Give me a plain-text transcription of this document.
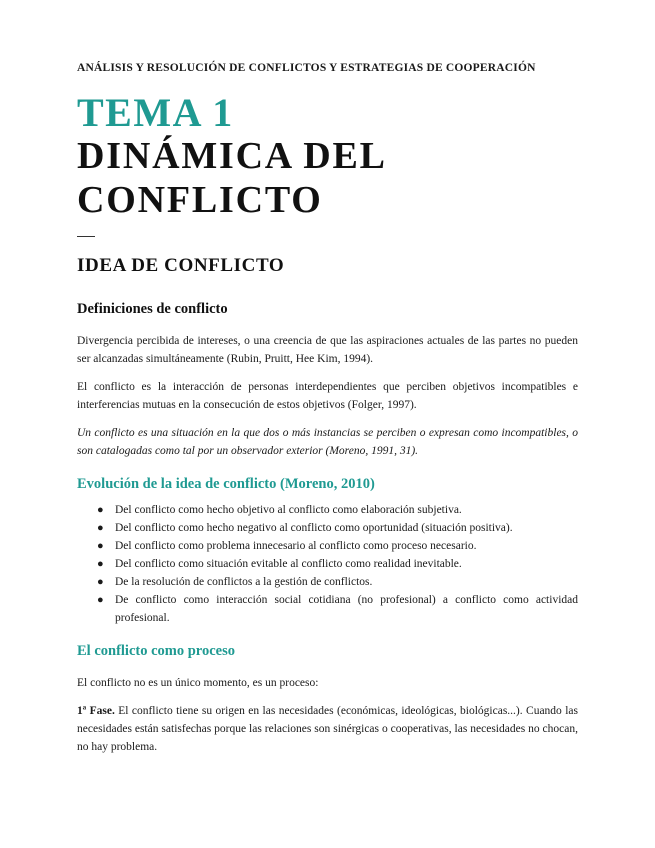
ANÁLISIS Y RESOLUCIÓN DE CONFLICTOS Y ESTRATEGIAS DE COOPERACIÓN
TEMA 1
DINÁMICA DEL
CONFLICTO
IDEA DE CONFLICTO
Definiciones de conflicto

Divergencia percibida de intereses, o una creencia de que las aspiraciones actuales de las partes no pueden ser alcanzadas simultáneamente (Rubin, Pruitt, Hee Kim, 1994).

El conflicto es la interacción de personas interdependientes que perciben objetivos incompatibles e interferencias mutuas en la consecución de estos objetivos (Folger, 1997).

Un conflicto es una situación en la que dos o más instancias se perciben o expresan como incompatibles, o son catalogadas como tal por un observador exterior (Moreno, 1991, 31).

Evolución de la idea de conflicto (Moreno, 2010)
● Del conflicto como hecho objetivo al conflicto como elaboración subjetiva.
● Del conflicto como hecho negativo al conflicto como oportunidad (situación positiva).
● Del conflicto como problema innecesario al conflicto como proceso necesario.
● Del conflicto como situación evitable al conflicto como realidad inevitable.
● De la resolución de conflictos a la gestión de conflictos.
● De conflicto como interacción social cotidiana (no profesional) a conflicto como actividad profesional.
El conflicto como proceso

El conflicto no es un único momento, es un proceso:

1ª Fase. El conflicto tiene su origen en las necesidades (económicas, ideológicas, biológicas...). Cuando las necesidades están satisfechas porque las relaciones son sinérgicas o cooperativas, las necesidades no chocan, no hay problema.
